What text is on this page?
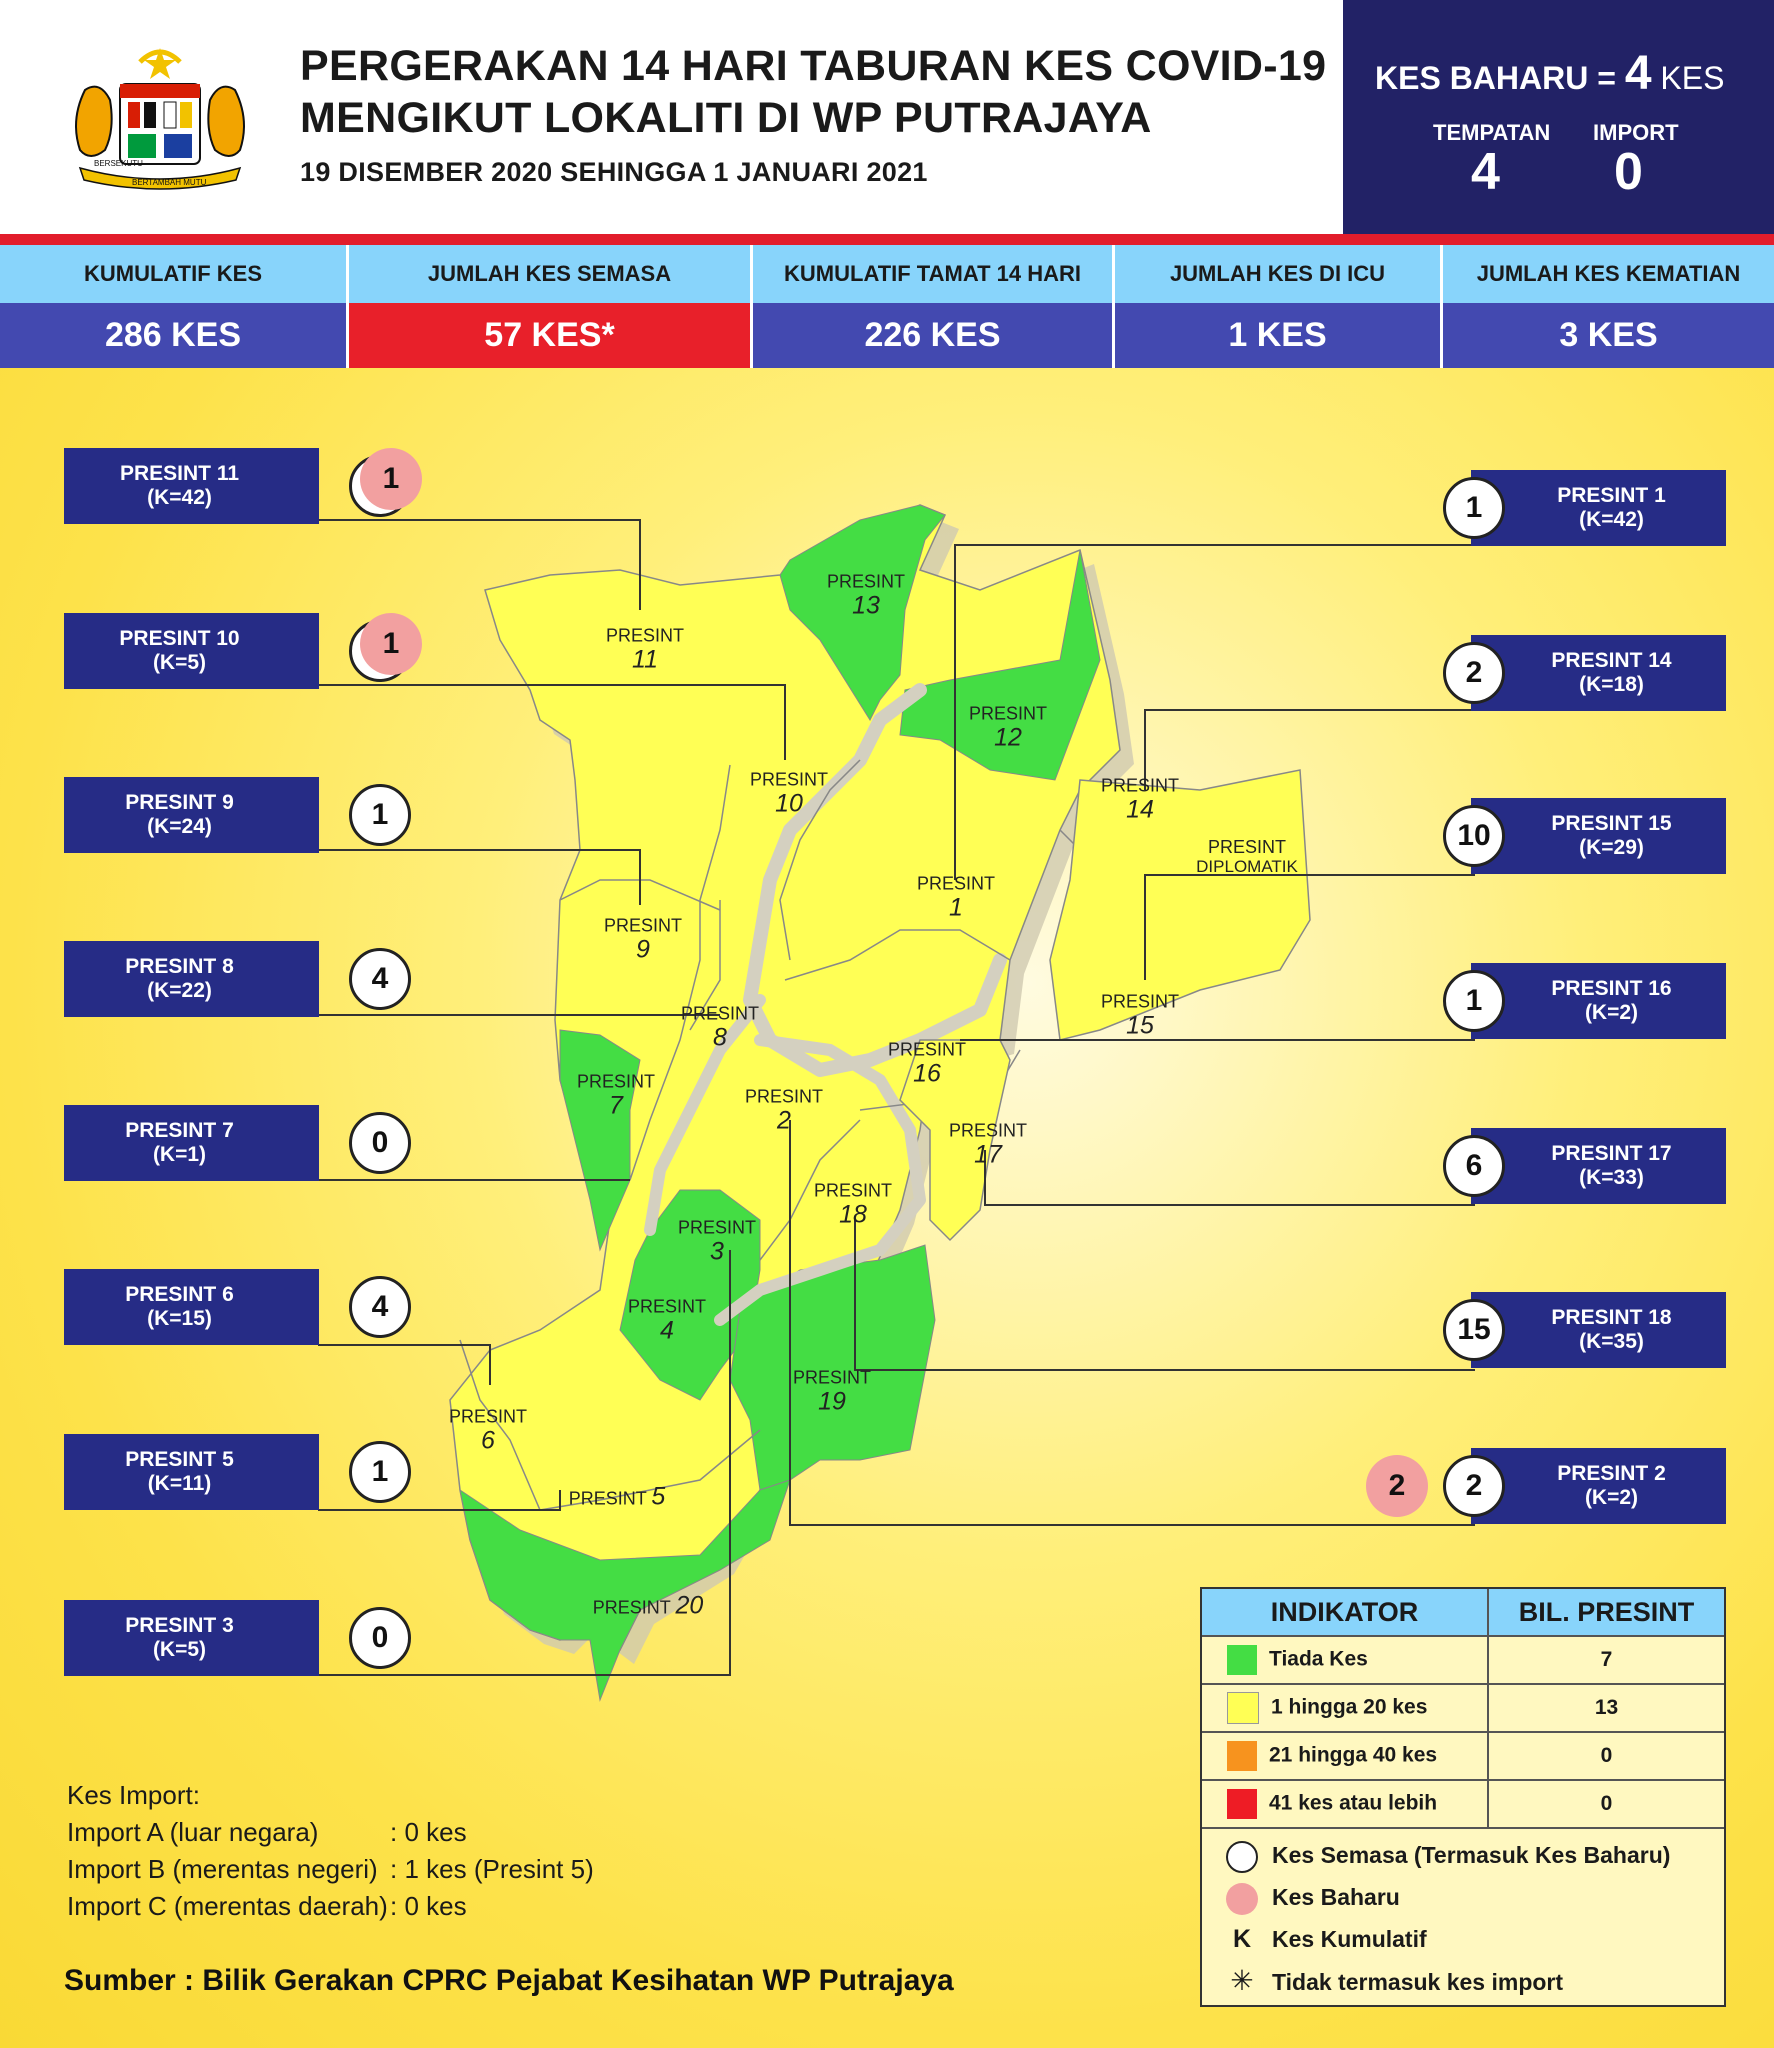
BERSEKUTU
BERTAMBAH MUTU
PERGERAKAN 14 HARI TABURAN KES COVID-19
MENGIKUT LOKALITI DI WP PUTRAJAYA
19 DISEMBER 2020 SEHINGGA 1 JANUARI 2021
KES BAHARU = 4 KES
TEMPATAN
4
IMPORT
0
KUMULATIF KES	JUMLAH KES SEMASA	KUMULATIF TAMAT 14 HARI	JUMLAH KES DI ICU	JUMLAH KES KEMATIAN
286 KES	57 KES*	226 KES	1 KES	3 KES
PRESINT
11
PRESINT
13
PRESINT
12
PRESINT
10
PRESINT
14
PRESINT
DIPLOMATIK
PRESINT
1
PRESINT
9
PRESINT
8
PRESINT
15
PRESINT
16
PRESINT
7	PRESINT
2	PRESINT
17
PRESINT
18
PRESINT
3
PRESINT
4
PRESINT
19
PRESINT
6
PRESINT 5
PRESINT 20
PRESINT 11
(K=42)
1
PRESINT 10
(K=5)
1
PRESINT 9
(K=24)	1
PRESINT 8
(K=22)	4
PRESINT 7
(K=1)	0
PRESINT 6
(K=15)	4
PRESINT 5
(K=11)	1
PRESINT 3
(K=5)	0
PRESINT 1
(K=42)
1
PRESINT 14
(K=18)
2
PRESINT 15
(K=29)
10
PRESINT 16
(K=2)
1
PRESINT 17
(K=33)
6
PRESINT 18
(K=35)
15
PRESINT 2
(K=2)
2
2
INDIKATOR	BIL. PRESINT
Tiada Kes	7
1 hingga 20 kes	13
21 hingga 40 kes	0
41 kes atau lebih	0
Kes Semasa (Termasuk Kes Baharu)
Kes Baharu
K Kes Kumulatif
✳ Tidak termasuk kes import
Kes Import:
Import A (luar negara)	: 0 kes
Import B (merentas negeri) : 1 kes (Presint 5)
Import C (merentas daerah) : 0 kes
Sumber : Bilik Gerakan CPRC Pejabat Kesihatan WP Putrajaya
